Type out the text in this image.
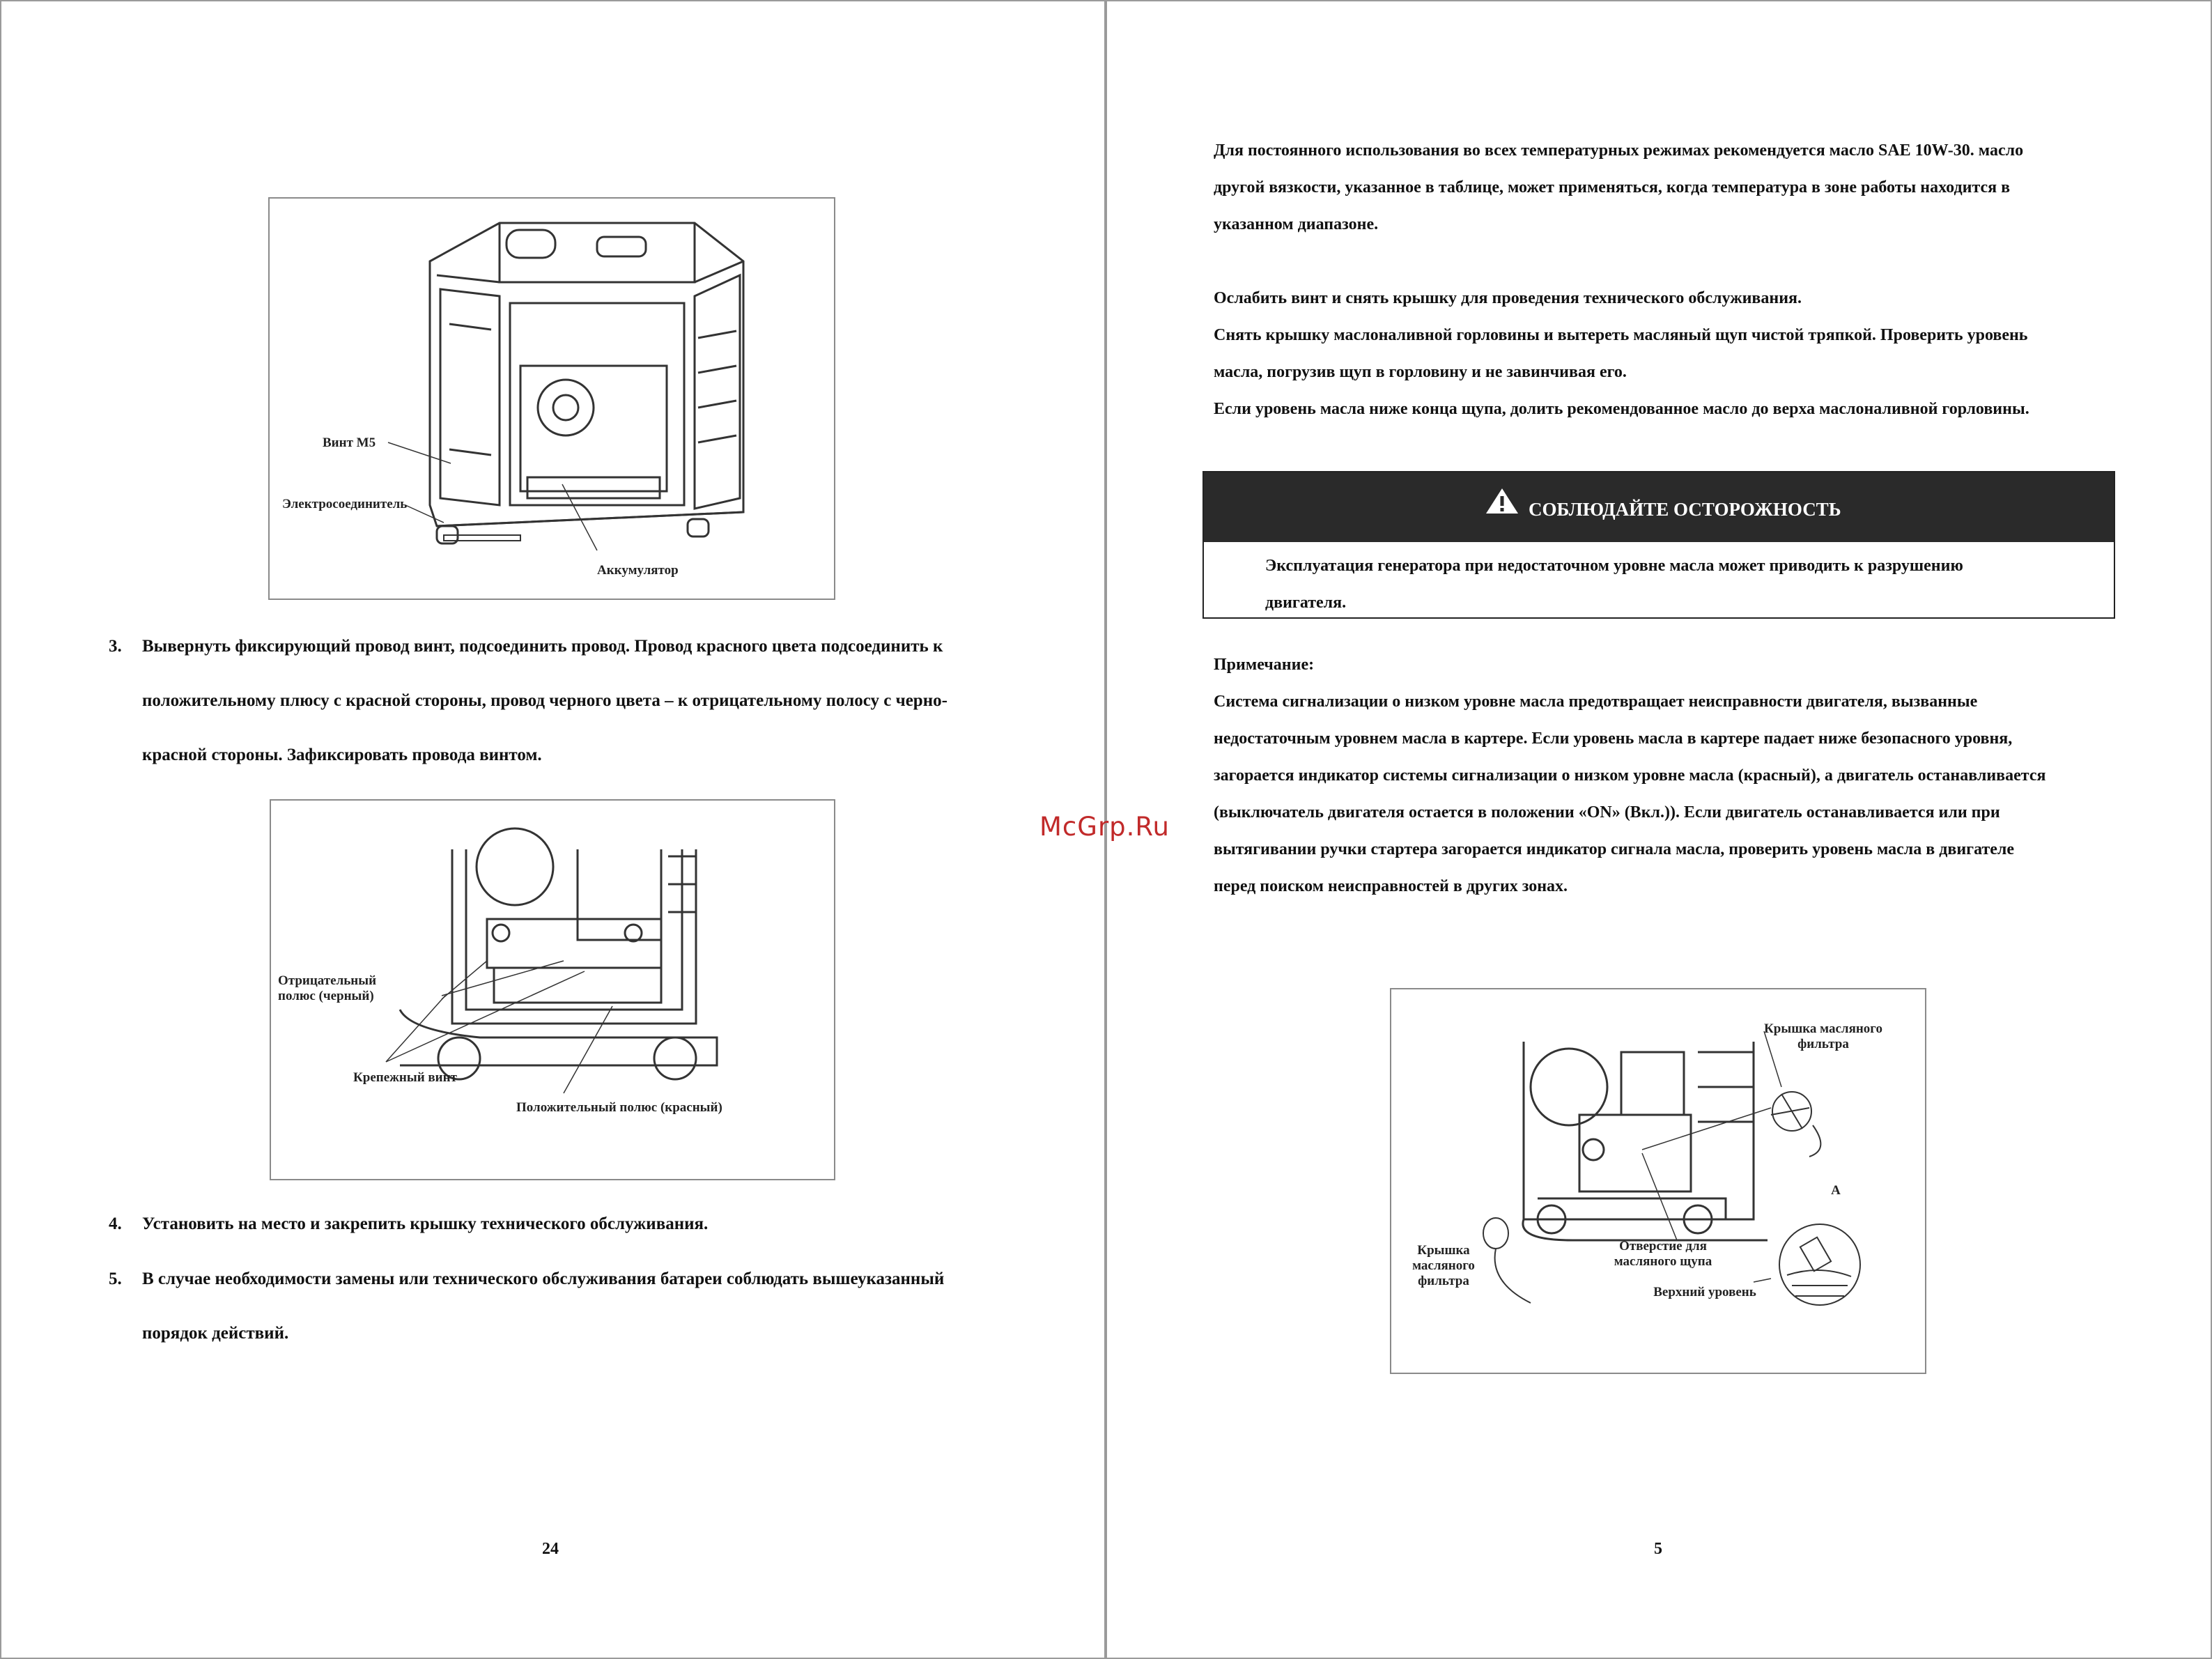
Винт M5
Электросоединитель
Аккумулятор
3. Вывернуть фиксирующий провод винт, подсоединить провод. Провод красного цвета подсоединить к
положительному плюсу с красной стороны, провод черного цвета – к отрицательному полосу с черно-
красной стороны. Зафиксировать провода винтом.
Отрицательный
полюс (черный)
Крепежный винт
Положительный полюс (красный)
4. Установить на место и закрепить крышку технического обслуживания.
5. В случае необходимости замены или технического обслуживания батареи соблюдать вышеуказанный
порядок действий.
24
McGrp.Ru
Для постоянного использования во всех температурных режимах рекомендуется масло SAE 10W-30. масло
другой вязкости, указанное в таблице, может применяться, когда температура в зоне работы находится в
указанном диапазоне.
Ослабить винт и снять крышку для проведения технического обслуживания.
Снять крышку маслоналивной горловины и вытереть масляный щуп чистой тряпкой. Проверить уровень
масла, погрузив щуп в горловину и не завинчивая его.
Если уровень масла ниже конца щупа, долить рекомендованное масло до верха маслоналивной горловины.
СОБЛЮДАЙТЕ ОСТОРОЖНОСТЬ
Эксплуатация генератора при недостаточном уровне масла может приводить к разрушению
двигателя.
Примечание:
Система сигнализации о низком уровне масла предотвращает неисправности двигателя, вызванные
недостаточным уровнем масла в картере. Если уровень масла в картере падает ниже безопасного уровня,
загорается индикатор системы сигнализации о низком уровне масла (красный), а двигатель останавливается
(выключатель двигателя остается в положении «ON» (Вкл.)). Если двигатель останавливается или при
вытягивании ручки стартера загорается индикатор сигнала масла, проверить уровень масла в двигателе
перед поиском неисправностей в других зонах.
Крышка масляного
фильтра
A
Крышка
масляного
фильтра
Отверстие для
масляного щупа
Верхний уровень
5
